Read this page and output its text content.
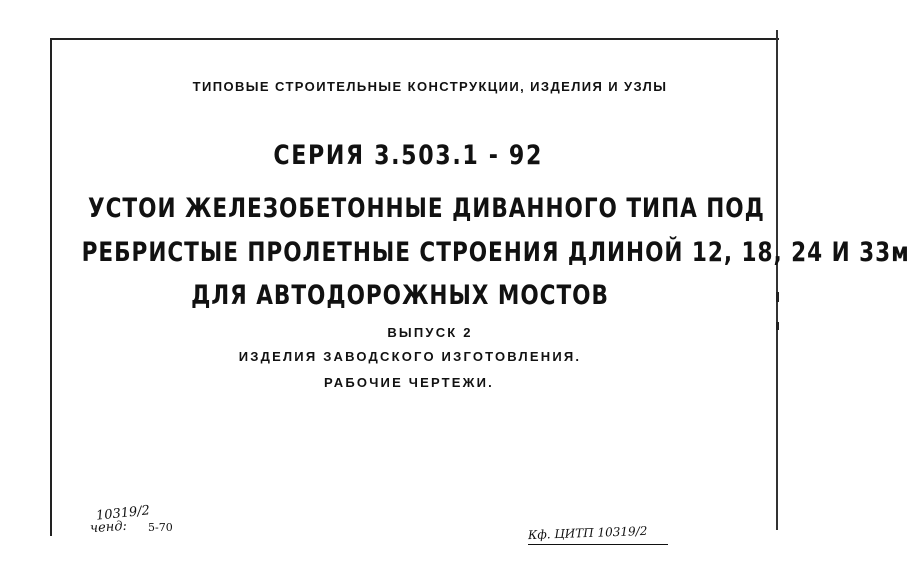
ТИПОВЫЕ СТРОИТЕЛЬНЫЕ КОНСТРУКЦИИ, ИЗДЕЛИЯ И УЗЛЫ
СЕРИЯ 3.503.1 - 92
УСТОИ ЖЕЛЕЗОБЕТОННЫЕ ДИВАННОГО ТИПА ПОД
РЕБРИСТЫЕ ПРОЛЕТНЫЕ СТРОЕНИЯ ДЛИНОЙ 12, 18, 24 И 33м
ДЛЯ АВТОДОРОЖНЫХ МОСТОВ
ВЫПУСК 2
ИЗДЕЛИЯ ЗАВОДСКОГО ИЗГОТОВЛЕНИЯ.
РАБОЧИЕ ЧЕРТЕЖИ.
10319/2
ченд: 5-70	Кф. ЦИТП 10319/2
